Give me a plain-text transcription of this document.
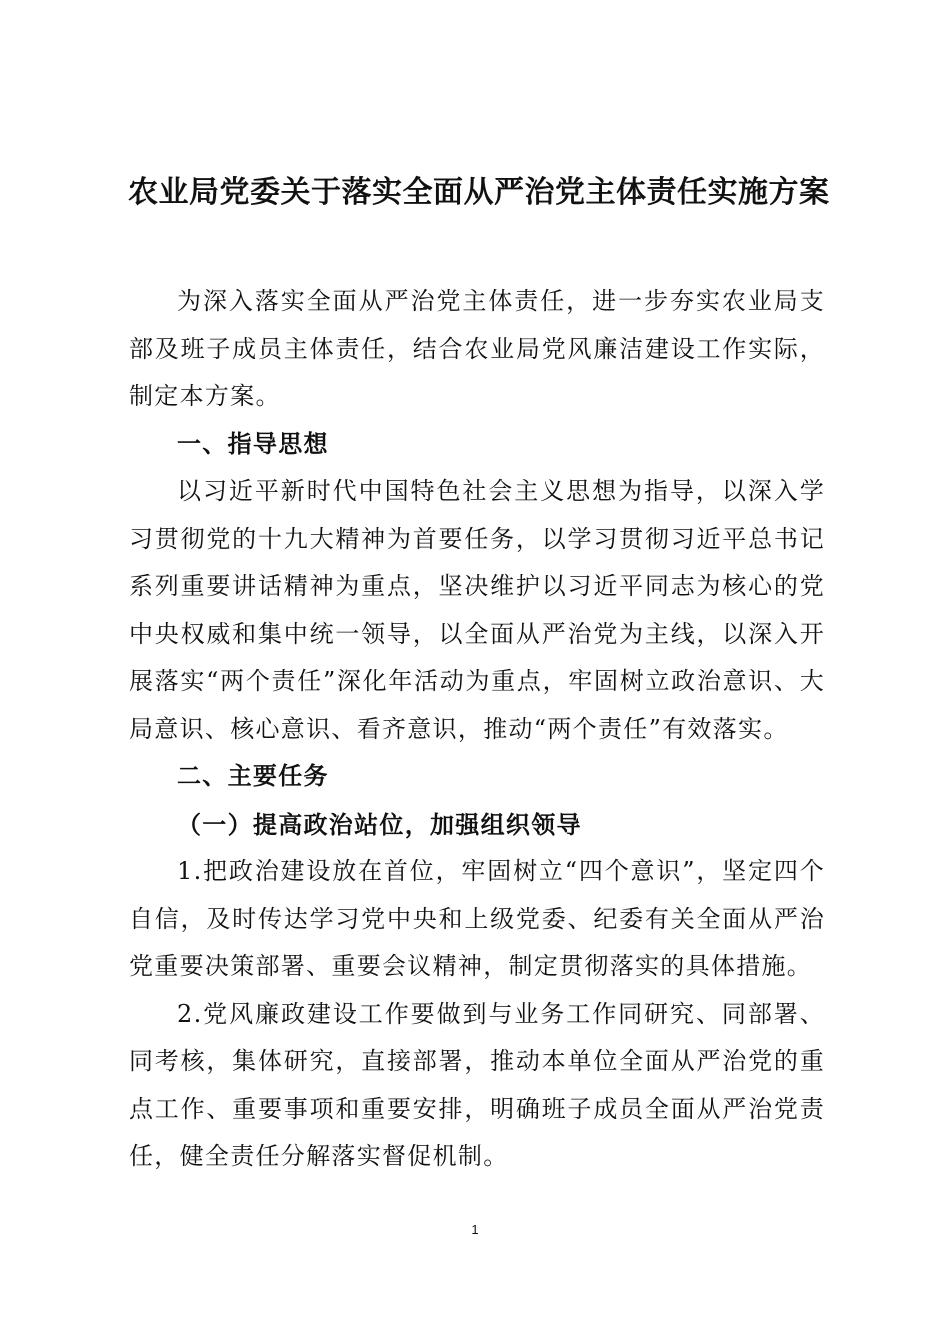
农业局党委关于落实全面从严治党主体责任实施方案

为深入落实全面从严治党主体责任，进一步夯实农业局支部及班子成员主体责任，结合农业局党风廉洁建设工作实际，制定本方案。

一、指导思想

以习近平新时代中国特色社会主义思想为指导，以深入学习贯彻党的十九大精神为首要任务，以学习贯彻习近平总书记系列重要讲话精神为重点，坚决维护以习近平同志为核心的党中央权威和集中统一领导，以全面从严治党为主线，以深入开展落实“两个责任”深化年活动为重点，牢固树立政治意识、大局意识、核心意识、看齐意识，推动“两个责任”有效落实。

二、主要任务

（一）提高政治站位，加强组织领导

1.把政治建设放在首位，牢固树立“四个意识”，坚定四个自信，及时传达学习党中央和上级党委、纪委有关全面从严治党重要决策部署、重要会议精神，制定贯彻落实的具体措施。

2.党风廉政建设工作要做到与业务工作同研究、同部署、同考核，集体研究，直接部署，推动本单位全面从严治党的重点工作、重要事项和重要安排，明确班子成员全面从严治党责任，健全责任分解落实督促机制。

1
